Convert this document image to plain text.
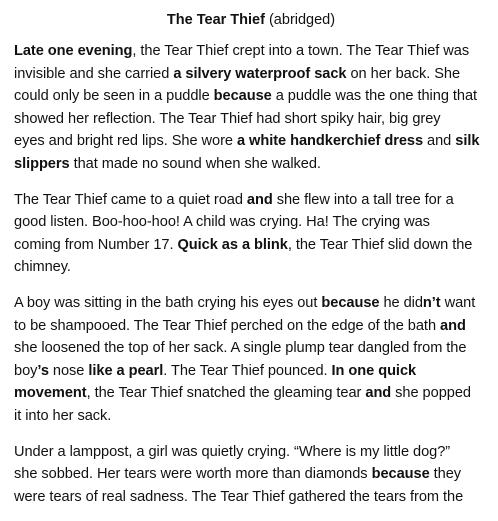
The Tear Thief (abridged)
Late one evening, the Tear Thief crept into a town. The Tear Thief was
invisible and she carried a silvery waterproof sack on her back. She
could only be seen in a puddle because a puddle was the one thing that
showed her reflection. The Tear Thief had short spiky hair, big grey
eyes and bright red lips. She wore a white handkerchief dress and silk
slippers that made no sound when she walked.
The Tear Thief came to a quiet road and she flew into a tall tree for a
good listen. Boo-hoo-hoo! A child was crying. Ha! The crying was
coming from Number 17. Quick as a blink, the Tear Thief slid down the
chimney.
A boy was sitting in the bath crying his eyes out because he didn’t want
to be shampooed. The Tear Thief perched on the edge of the bath and
she loosened the top of her sack. A single plump tear dangled from the
boy’s nose like a pearl. The Tear Thief pounced. In one quick
movement, the Tear Thief snatched the gleaming tear and she popped
it into her sack.
Under a lamppost, a girl was quietly crying. “Where is my little dog?”
she sobbed. Her tears were worth more than diamonds because they
were tears of real sadness. The Tear Thief gathered the tears from the
